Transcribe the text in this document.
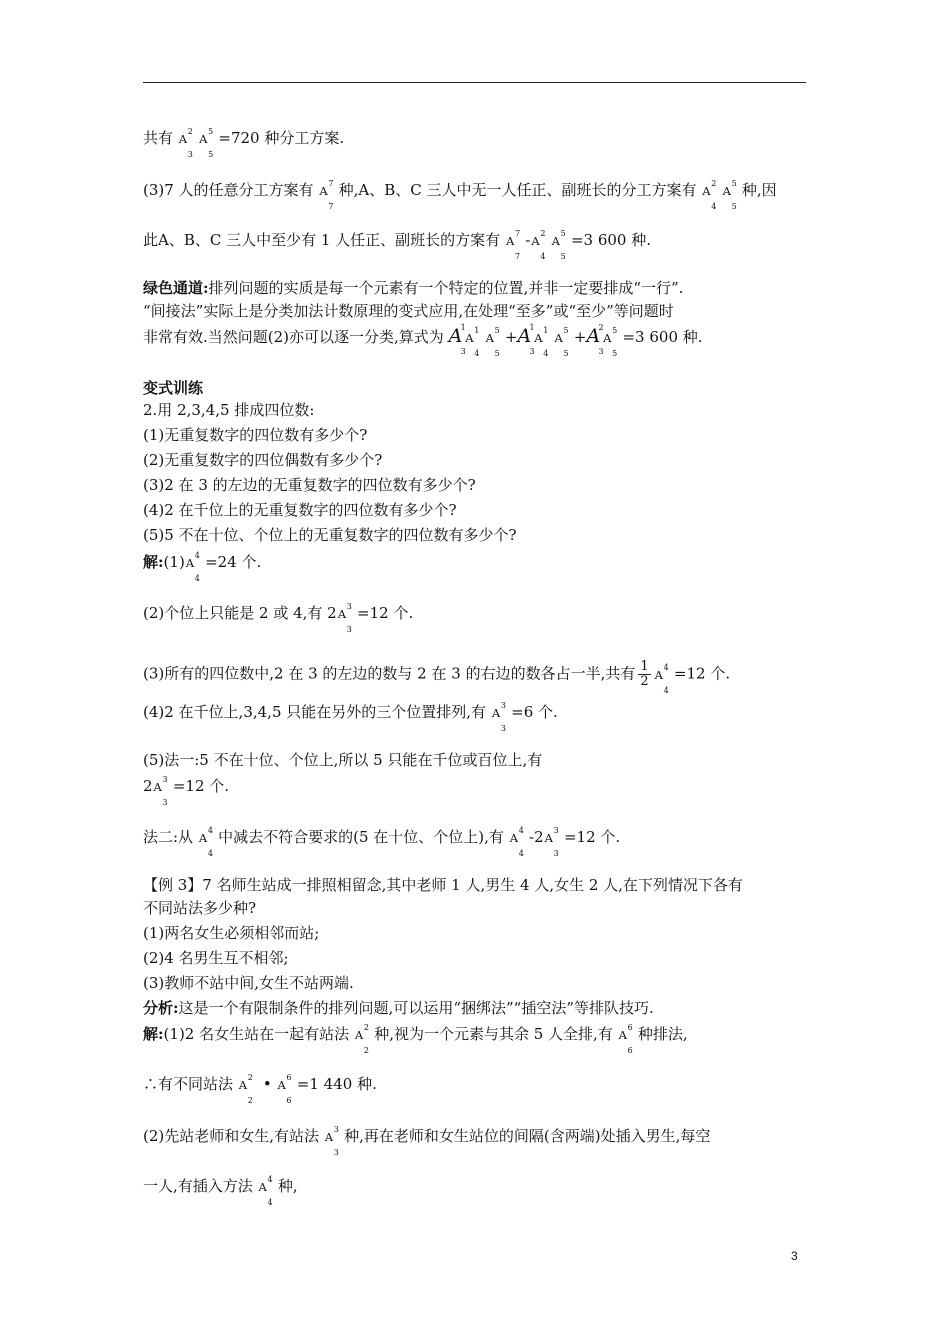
共有 A
2
3
A
5
5
=720 种分工方案.
(3)7 人的任意分工方案有 A
7
7
种,A、B、C 三人中无一人任正、副班长的分工方案有 A
2
4
A
5
5
种,因
此A、B、C 三人中至少有 1 人任正、副班长的方案有 A
7
7
-A
2
4
A
5
5
=3 600 种.
绿色通道:排列问题的实质是每一个元素有一个特定的位置,并非一定要排成“一行”.
“间接法”实际上是分类加法计数原理的变式应用,在处理“至多”或“至少”等问题时
非常有效.当然问题(2)亦可以逐一分类,算式为 A
1
3
A
1
4
A
5
5
+A
1
3
A
1
4
A
5
5
+A
2
3
A
5
5
=3 600 种.
变式训练
2.用 2,3,4,5 排成四位数:
(1)无重复数字的四位数有多少个?
(2)无重复数字的四位偶数有多少个?
(3)2 在 3 的左边的无重复数字的四位数有多少个?
(4)2 在千位上的无重复数字的四位数有多少个?
(5)5 不在十位、个位上的无重复数字的四位数有多少个?
解:(1)A
4
4
=24 个.
(2)个位上只能是 2 或 4,有 2A
3
3
=12 个.
(3)所有的四位数中,2 在 3 的左边的数与 2 在 3 的右边的数各占一半,共有 $\frac{1}{2}$ A
4
4
=12 个.
(4)2 在千位上,3,4,5 只能在另外的三个位置排列,有 A
3
3
=6 个.
(5)法一:5 不在十位、个位上,所以 5 只能在千位或百位上,有
2A
3
3
=12 个.
法二:从 A
4
4
中减去不符合要求的(5 在十位、个位上),有 A
4
4
-2A
3
3
=12 个.
【例 3】7 名师生站成一排照相留念,其中老师 1 人,男生 4 人,女生 2 人,在下列情况下各有
不同站法多少种?
(1)两名女生必须相邻而站;
(2)4 名男生互不相邻;
(3)教师不站中间,女生不站两端.
分析:这是一个有限制条件的排列问题,可以运用“捆绑法”“插空法”等排队技巧.
解:(1)2 名女生站在一起有站法 A
2
2
种,视为一个元素与其余 5 人全排,有 A
6
6
种排法,
∴有不同站法 A
2
2
• A
6
6
=1 440 种.
(2)先站老师和女生,有站法 A
3
3
种,再在老师和女生站位的间隔(含两端)处插入男生,每空
一人,有插入方法 A
4
4
种,
3
